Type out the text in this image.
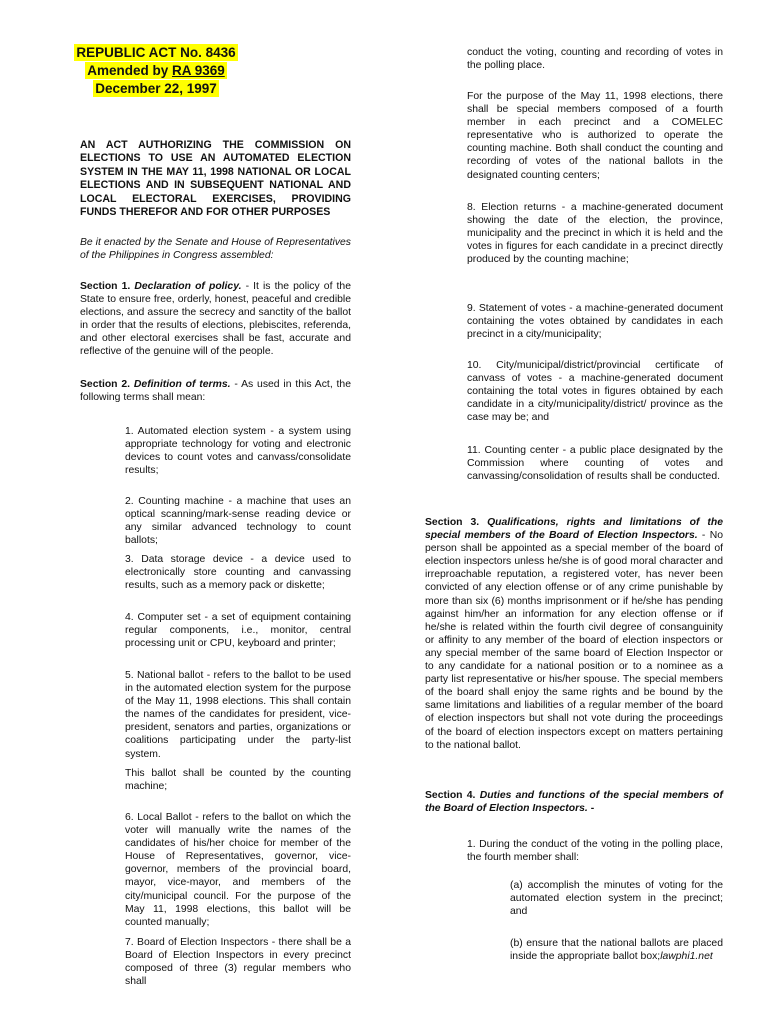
REPUBLIC ACT No. 8436
Amended by RA 9369
December 22, 1997

AN ACT AUTHORIZING THE COMMISSION ON ELECTIONS TO USE AN AUTOMATED ELECTION SYSTEM IN THE MAY 11, 1998 NATIONAL OR LOCAL ELECTIONS AND IN SUBSEQUENT NATIONAL AND LOCAL ELECTORAL EXERCISES, PROVIDING FUNDS THEREFOR AND FOR OTHER PURPOSES

Be it enacted by the Senate and House of Representatives of the Philippines in Congress assembled:

Section 1. Declaration of policy. - It is the policy of the State to ensure free, orderly, honest, peaceful and credible elections, and assure the secrecy and sanctity of the ballot in order that the results of elections, plebiscites, referenda, and other electoral exercises shall be fast, accurate and reflective of the genuine will of the people.

Section 2. Definition of terms. - As used in this Act, the following terms shall mean:

1. Automated election system - a system using appropriate technology for voting and electronic devices to count votes and canvass/consolidate results;

2. Counting machine - a machine that uses an optical scanning/mark-sense reading device or any similar advanced technology to count ballots;

3. Data storage device - a device used to electronically store counting and canvassing results, such as a memory pack or diskette;

4. Computer set - a set of equipment containing regular components, i.e., monitor, central processing unit or CPU, keyboard and printer;

5. National ballot - refers to the ballot to be used in the automated election system for the purpose of the May 11, 1998 elections. This shall contain the names of the candidates for president, vice-president, senators and parties, organizations or coalitions participating under the party-list system.

This ballot shall be counted by the counting machine;

6. Local Ballot - refers to the ballot on which the voter will manually write the names of the candidates of his/her choice for member of the House of Representatives, governor, vice-governor, members of the provincial board, mayor, vice-mayor, and members of the city/municipal council. For the purpose of the May 11, 1998 elections, this ballot will be counted manually;

7. Board of Election Inspectors - there shall be a Board of Election Inspectors in every precinct composed of three (3) regular members who shall

conduct the voting, counting and recording of votes in the polling place.

For the purpose of the May 11, 1998 elections, there shall be special members composed of a fourth member in each precinct and a COMELEC representative who is authorized to operate the counting machine. Both shall conduct the counting and recording of votes of the national ballots in the designated counting centers;

8. Election returns - a machine-generated document showing the date of the election, the province, municipality and the precinct in which it is held and the votes in figures for each candidate in a precinct directly produced by the counting machine;

9. Statement of votes - a machine-generated document containing the votes obtained by candidates in each precinct in a city/municipality;

10. City/municipal/district/provincial certificate of canvass of votes - a machine-generated document containing the total votes in figures obtained by each candidate in a city/municipality/district/ province as the case may be; and

11. Counting center - a public place designated by the Commission where counting of votes and canvassing/consolidation of results shall be conducted.

Section 3. Qualifications, rights and limitations of the special members of the Board of Election Inspectors. - No person shall be appointed as a special member of the board of election inspectors unless he/she is of good moral character and irreproachable reputation, a registered voter, has never been convicted of any election offense or of any crime punishable by more than six (6) months imprisonment or if he/she has pending against him/her an information for any election offense or if he/she is related within the fourth civil degree of consanguinity or affinity to any member of the board of election inspectors or any special member of the same board of Election Inspector or to any candidate for a national position or to a nominee as a party list representative or his/her spouse. The special members of the board shall enjoy the same rights and be bound by the same limitations and liabilities of a regular member of the board of election inspectors but shall not vote during the proceedings of the board of election inspectors except on matters pertaining to the national ballot.

Section 4. Duties and functions of the special members of the Board of Election Inspectors. -

1. During the conduct of the voting in the polling place, the fourth member shall:

(a) accomplish the minutes of voting for the automated election system in the precinct; and

(b) ensure that the national ballots are placed inside the appropriate ballot box;lawphi1.net
